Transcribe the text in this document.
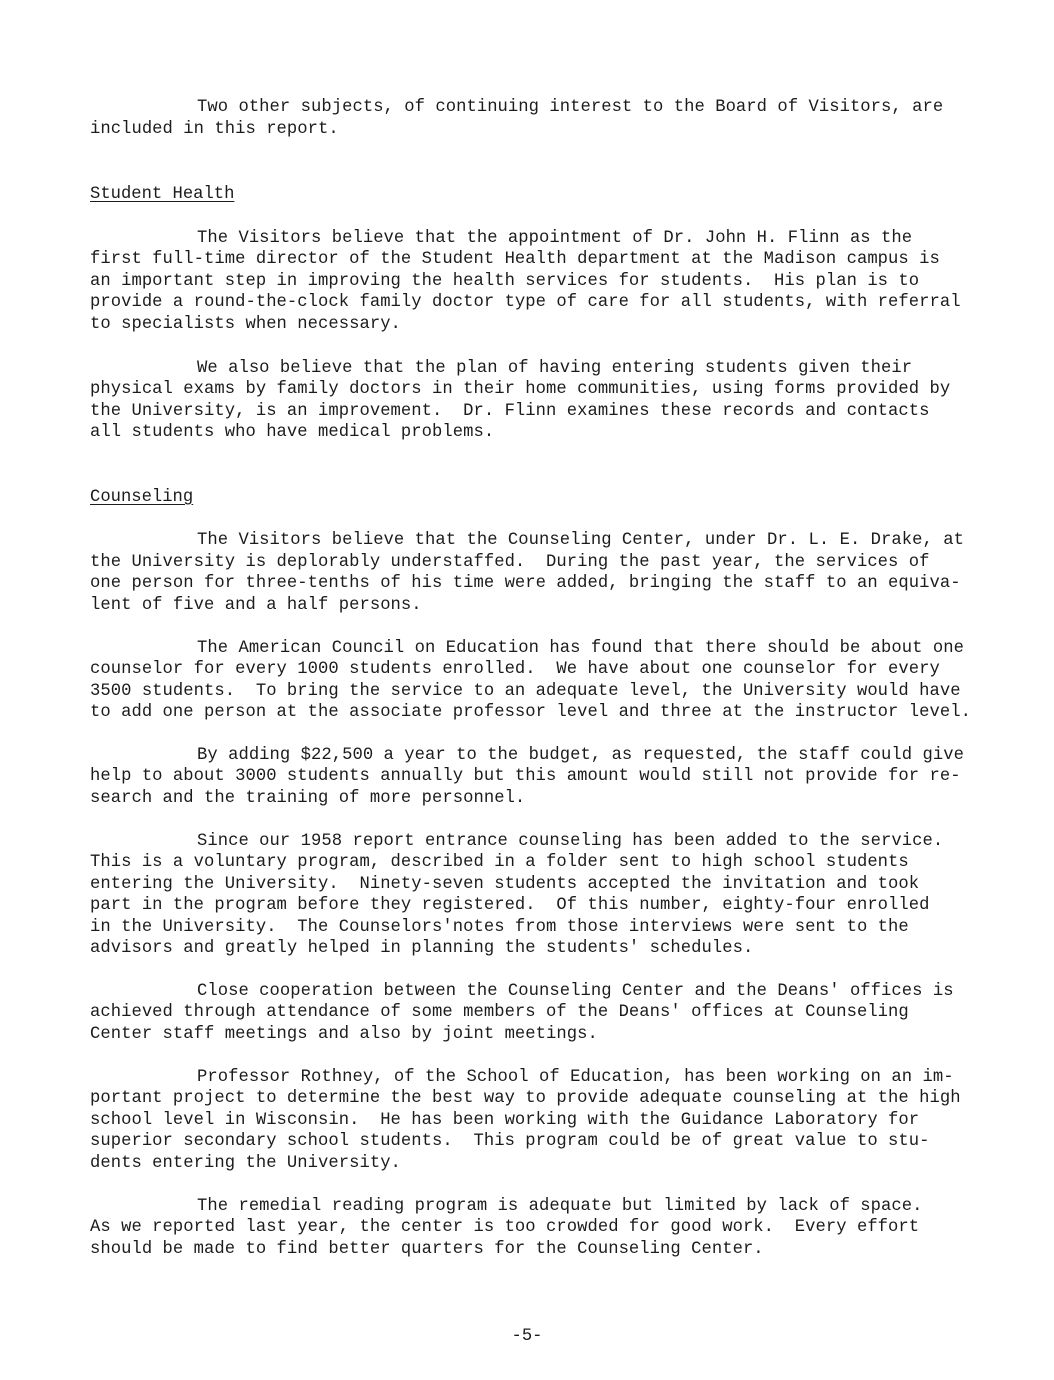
Two other subjects, of continuing interest to the Board of Visitors, are
included in this report.
Student Health
The Visitors believe that the appointment of Dr. John H. Flinn as the
first full-time director of the Student Health department at the Madison campus is
an important step in improving the health services for students.  His plan is to
provide a round-the-clock family doctor type of care for all students, with referral
to specialists when necessary.
We also believe that the plan of having entering students given their
physical exams by family doctors in their home communities, using forms provided by
the University, is an improvement.  Dr. Flinn examines these records and contacts
all students who have medical problems.
Counseling
The Visitors believe that the Counseling Center, under Dr. L. E. Drake, at
the University is deplorably understaffed.  During the past year, the services of
one person for three-tenths of his time were added, bringing the staff to an equiva-
lent of five and a half persons.
The American Council on Education has found that there should be about one
counselor for every 1000 students enrolled.  We have about one counselor for every
3500 students.  To bring the service to an adequate level, the University would have
to add one person at the associate professor level and three at the instructor level.
By adding $22,500 a year to the budget, as requested, the staff could give
help to about 3000 students annually but this amount would still not provide for re-
search and the training of more personnel.
Since our 1958 report entrance counseling has been added to the service.
This is a voluntary program, described in a folder sent to high school students
entering the University.  Ninety-seven students accepted the invitation and took
part in the program before they registered.  Of this number, eighty-four enrolled
in the University.  The Counselors'notes from those interviews were sent to the
advisors and greatly helped in planning the students' schedules.
Close cooperation between the Counseling Center and the Deans' offices is
achieved through attendance of some members of the Deans' offices at Counseling
Center staff meetings and also by joint meetings.
Professor Rothney, of the School of Education, has been working on an im-
portant project to determine the best way to provide adequate counseling at the high
school level in Wisconsin.  He has been working with the Guidance Laboratory for
superior secondary school students.  This program could be of great value to stu-
dents entering the University.
The remedial reading program is adequate but limited by lack of space.
As we reported last year, the center is too crowded for good work.  Every effort
should be made to find better quarters for the Counseling Center.
-5-
